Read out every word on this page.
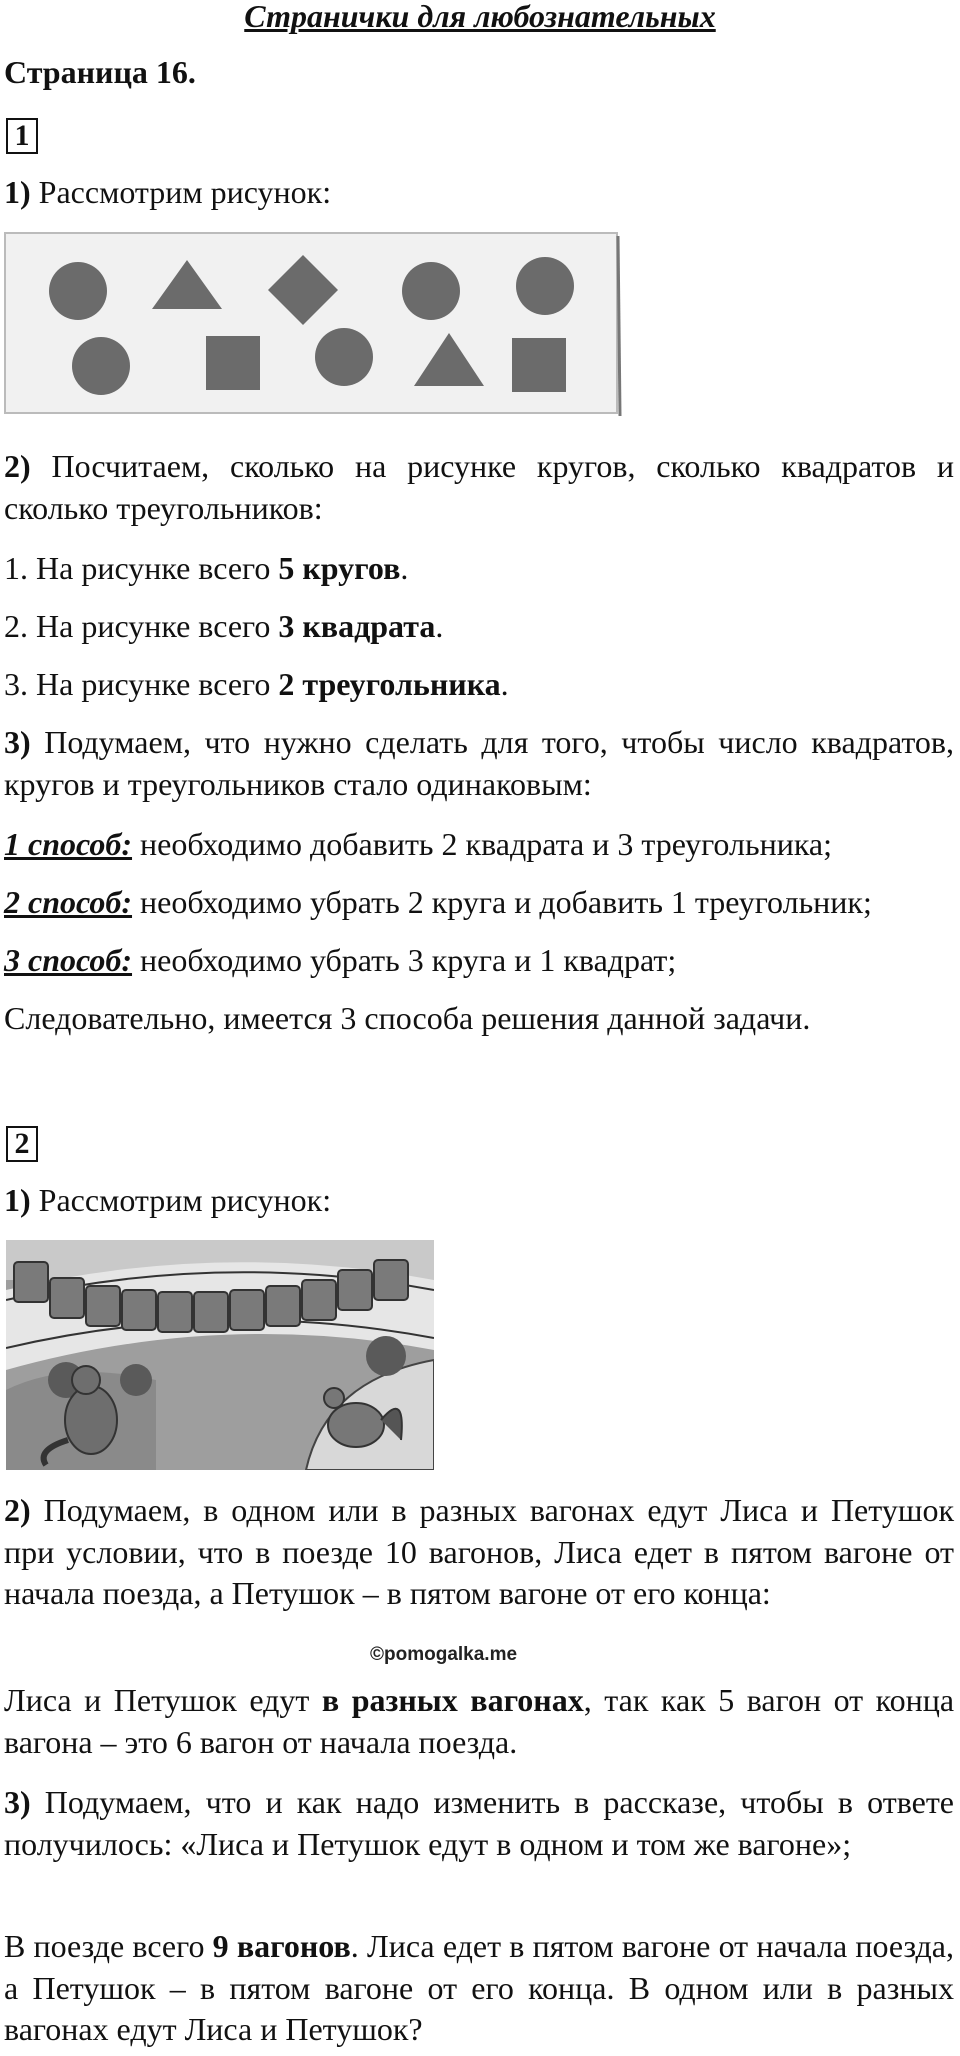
Странички для любознательных
Страница 16.
1
1) Рассмотрим рисунок:
2) Посчитаем, сколько на рисунке кругов, сколько квадратов и сколько треугольников:
1. На рисунке всего 5 кругов.
2. На рисунке всего 3 квадрата.
3. На рисунке всего 2 треугольника.
3) Подумаем, что нужно сделать для того, чтобы число квадратов, кругов и треугольников стало одинаковым:
1 способ: необходимо добавить 2 квадрата и 3 треугольника;
2 способ: необходимо убрать 2 круга и добавить 1 треугольник;
3 способ: необходимо убрать 3 круга и 1 квадрат;
Следовательно, имеется 3 способа решения данной задачи.
2
1) Рассмотрим рисунок:
2) Подумаем, в одном или в разных вагонах едут Лиса и Петушок при условии, что в поезде 10 вагонов, Лиса едет в пятом вагоне от начала поезда, а Петушок – в пятом вагоне от его конца:
©pomogalka.me
Лиса и Петушок едут в разных вагонах, так как 5 вагон от конца вагона – это 6 вагон от начала поезда.
3) Подумаем, что и как надо изменить в рассказе, чтобы в ответе получилось: «Лиса и Петушок едут в одном и том же вагоне»;
В поезде всего 9 вагонов. Лиса едет в пятом вагоне от начала поезда, а Петушок – в пятом вагоне от его конца. В одном или в разных вагонах едут Лиса и Петушок?
